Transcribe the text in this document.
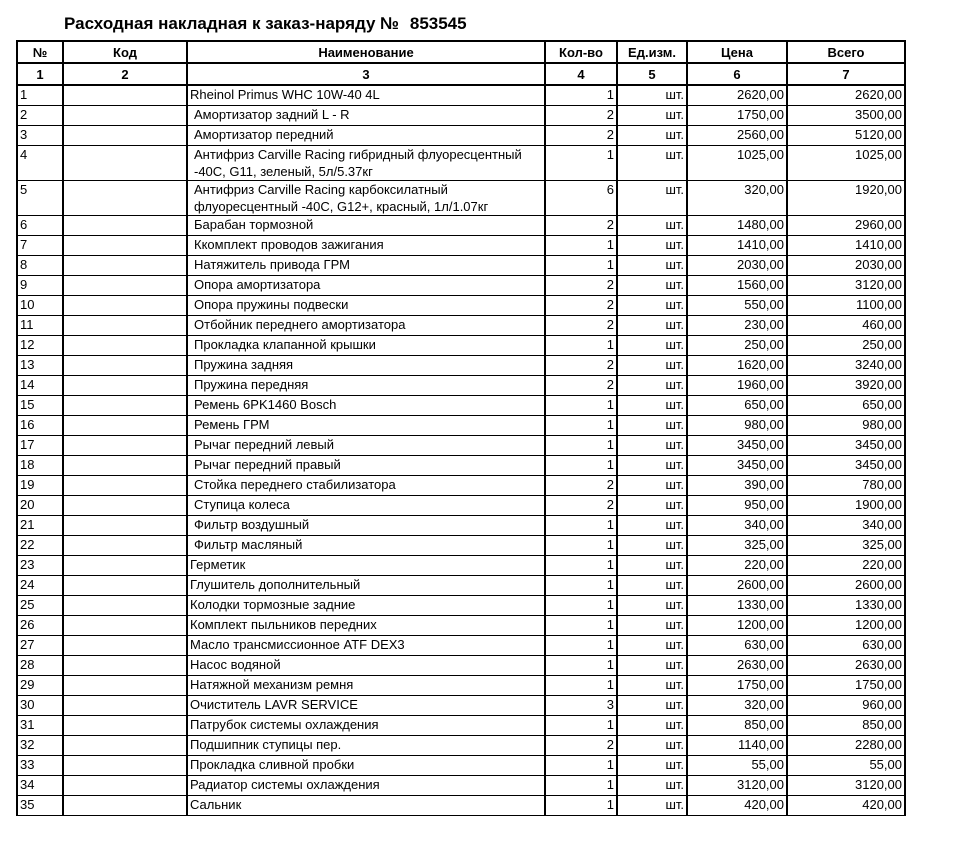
Расходная накладная к заказ-наряду № 853545
№	Код	Наименование	Кол-во	Ед.изм.	Цена	Всего
1	2	3	4	5	6	7
1		Rheinol Primus WHC 10W-40 4L	1	шт.	2620,00	2620,00
2		Амортизатор задний L - R	2	шт.	1750,00	3500,00
3		Амортизатор передний	2	шт.	2560,00	5120,00
4		Антифриз Carville Racing гибридный флуоресцентный -40С, G11, зеленый, 5л/5.37кг	1	шт.	1025,00	1025,00
5		Антифриз Carville Racing карбоксилатный флуоресцентный -40С, G12+, красный, 1л/1.07кг	6	шт.	320,00	1920,00
6		Барабан тормозной	2	шт.	1480,00	2960,00
7		Ккомплект проводов зажигания	1	шт.	1410,00	1410,00
8		Натяжитель привода ГРМ	1	шт.	2030,00	2030,00
9		Опора амортизатора	2	шт.	1560,00	3120,00
10		Опора пружины подвески	2	шт.	550,00	1100,00
11		Отбойник переднего амортизатора	2	шт.	230,00	460,00
12		Прокладка клапанной крышки	1	шт.	250,00	250,00
13		Пружина задняя	2	шт.	1620,00	3240,00
14		Пружина передняя	2	шт.	1960,00	3920,00
15		Ремень 6PK1460 Bosch	1	шт.	650,00	650,00
16		Ремень ГРМ	1	шт.	980,00	980,00
17		Рычаг передний левый	1	шт.	3450,00	3450,00
18		Рычаг передний правый	1	шт.	3450,00	3450,00
19		Стойка переднего стабилизатора	2	шт.	390,00	780,00
20		Ступица колеса	2	шт.	950,00	1900,00
21		Фильтр воздушный	1	шт.	340,00	340,00
22		Фильтр масляный	1	шт.	325,00	325,00
23		Герметик	1	шт.	220,00	220,00
24		Глушитель дополнительный	1	шт.	2600,00	2600,00
25		Колодки тормозные задние	1	шт.	1330,00	1330,00
26		Комплект пыльников передних	1	шт.	1200,00	1200,00
27		Масло трансмиссионное ATF DEX3	1	шт.	630,00	630,00
28		Насос водяной	1	шт.	2630,00	2630,00
29		Натяжной механизм ремня	1	шт.	1750,00	1750,00
30		Очиститель LAVR SERVICE	3	шт.	320,00	960,00
31		Патрубок системы охлаждения	1	шт.	850,00	850,00
32		Подшипник ступицы пер.	2	шт.	1140,00	2280,00
33		Прокладка сливной пробки	1	шт.	55,00	55,00
34		Радиатор системы охлаждения	1	шт.	3120,00	3120,00
35		Сальник	1	шт.	420,00	420,00
